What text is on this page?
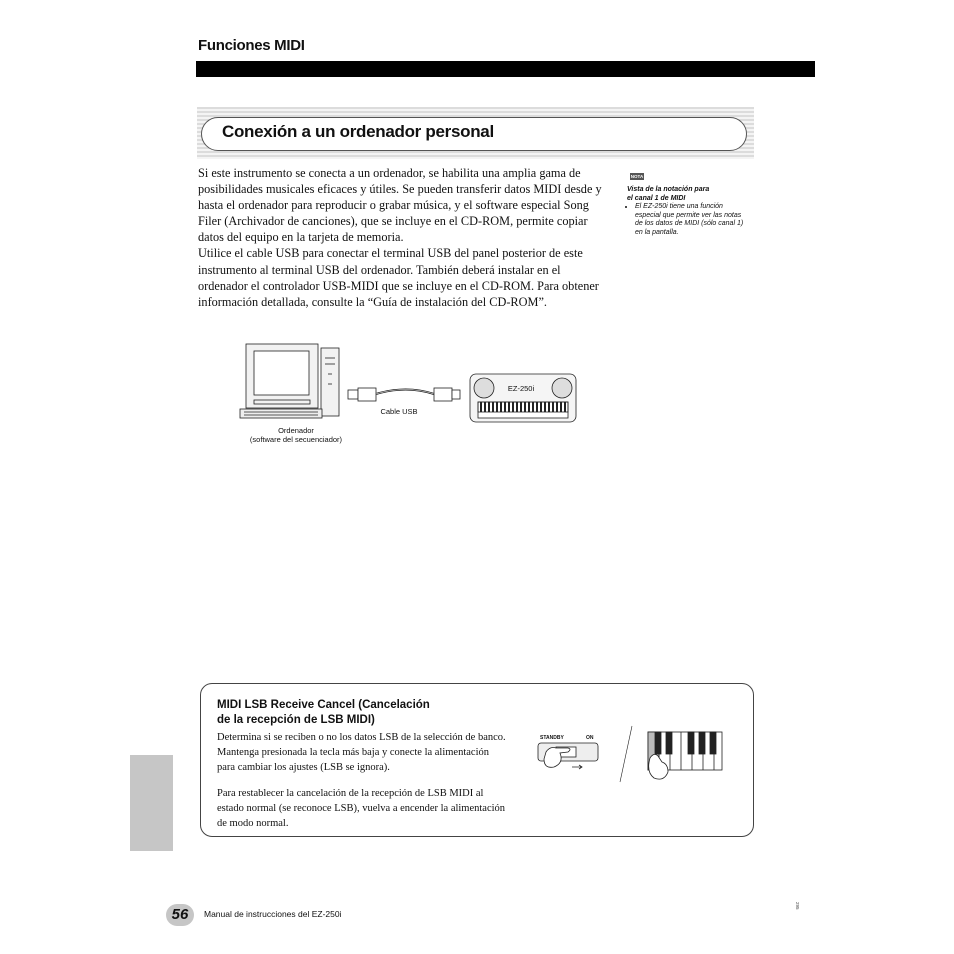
Funciones MIDI
Conexión a un ordenador personal

Si este instrumento se conecta a un ordenador, se habilita una amplia gama de posibilidades musicales eficaces y útiles. Se pueden transferir datos MIDI desde y hasta el ordenador para reproducir o grabar música, y el software especial Song Filer (Archivador de canciones), que se incluye en el CD-ROM, permite copiar datos del equipo en la tarjeta de memoria.

Utilice el cable USB para conectar el terminal USB del panel posterior de este instrumento al terminal USB del ordenador. También deberá instalar en el ordenador el controlador USB-MIDI que se incluye en el CD-ROM. Para obtener información detallada, consulte la “Guía de instalación del CD-ROM”.

NOTA
Vista de la notación para
el canal 1 de MIDI
• El EZ-250i tiene una función especial que permite ver las notas de los datos de MIDI (sólo canal 1) en la pantalla.
EZ-250i
Cable USB
Ordenador
(software del secuenciador)
MIDI LSB Receive Cancel (Cancelación
de la recepción de LSB MIDI)

Determina si se reciben o no los datos LSB de la selección de banco. Mantenga presionada la tecla más baja y conecte la alimentación para cambiar los ajustes (LSB se ignora).

Para restablecer la cancelación de la recepción de LSB MIDI al estado normal (se reconoce LSB), vuelva a encender la alimentación de modo normal.

STANDBY	ON
56	Manual de instrucciones del EZ-250i
295
